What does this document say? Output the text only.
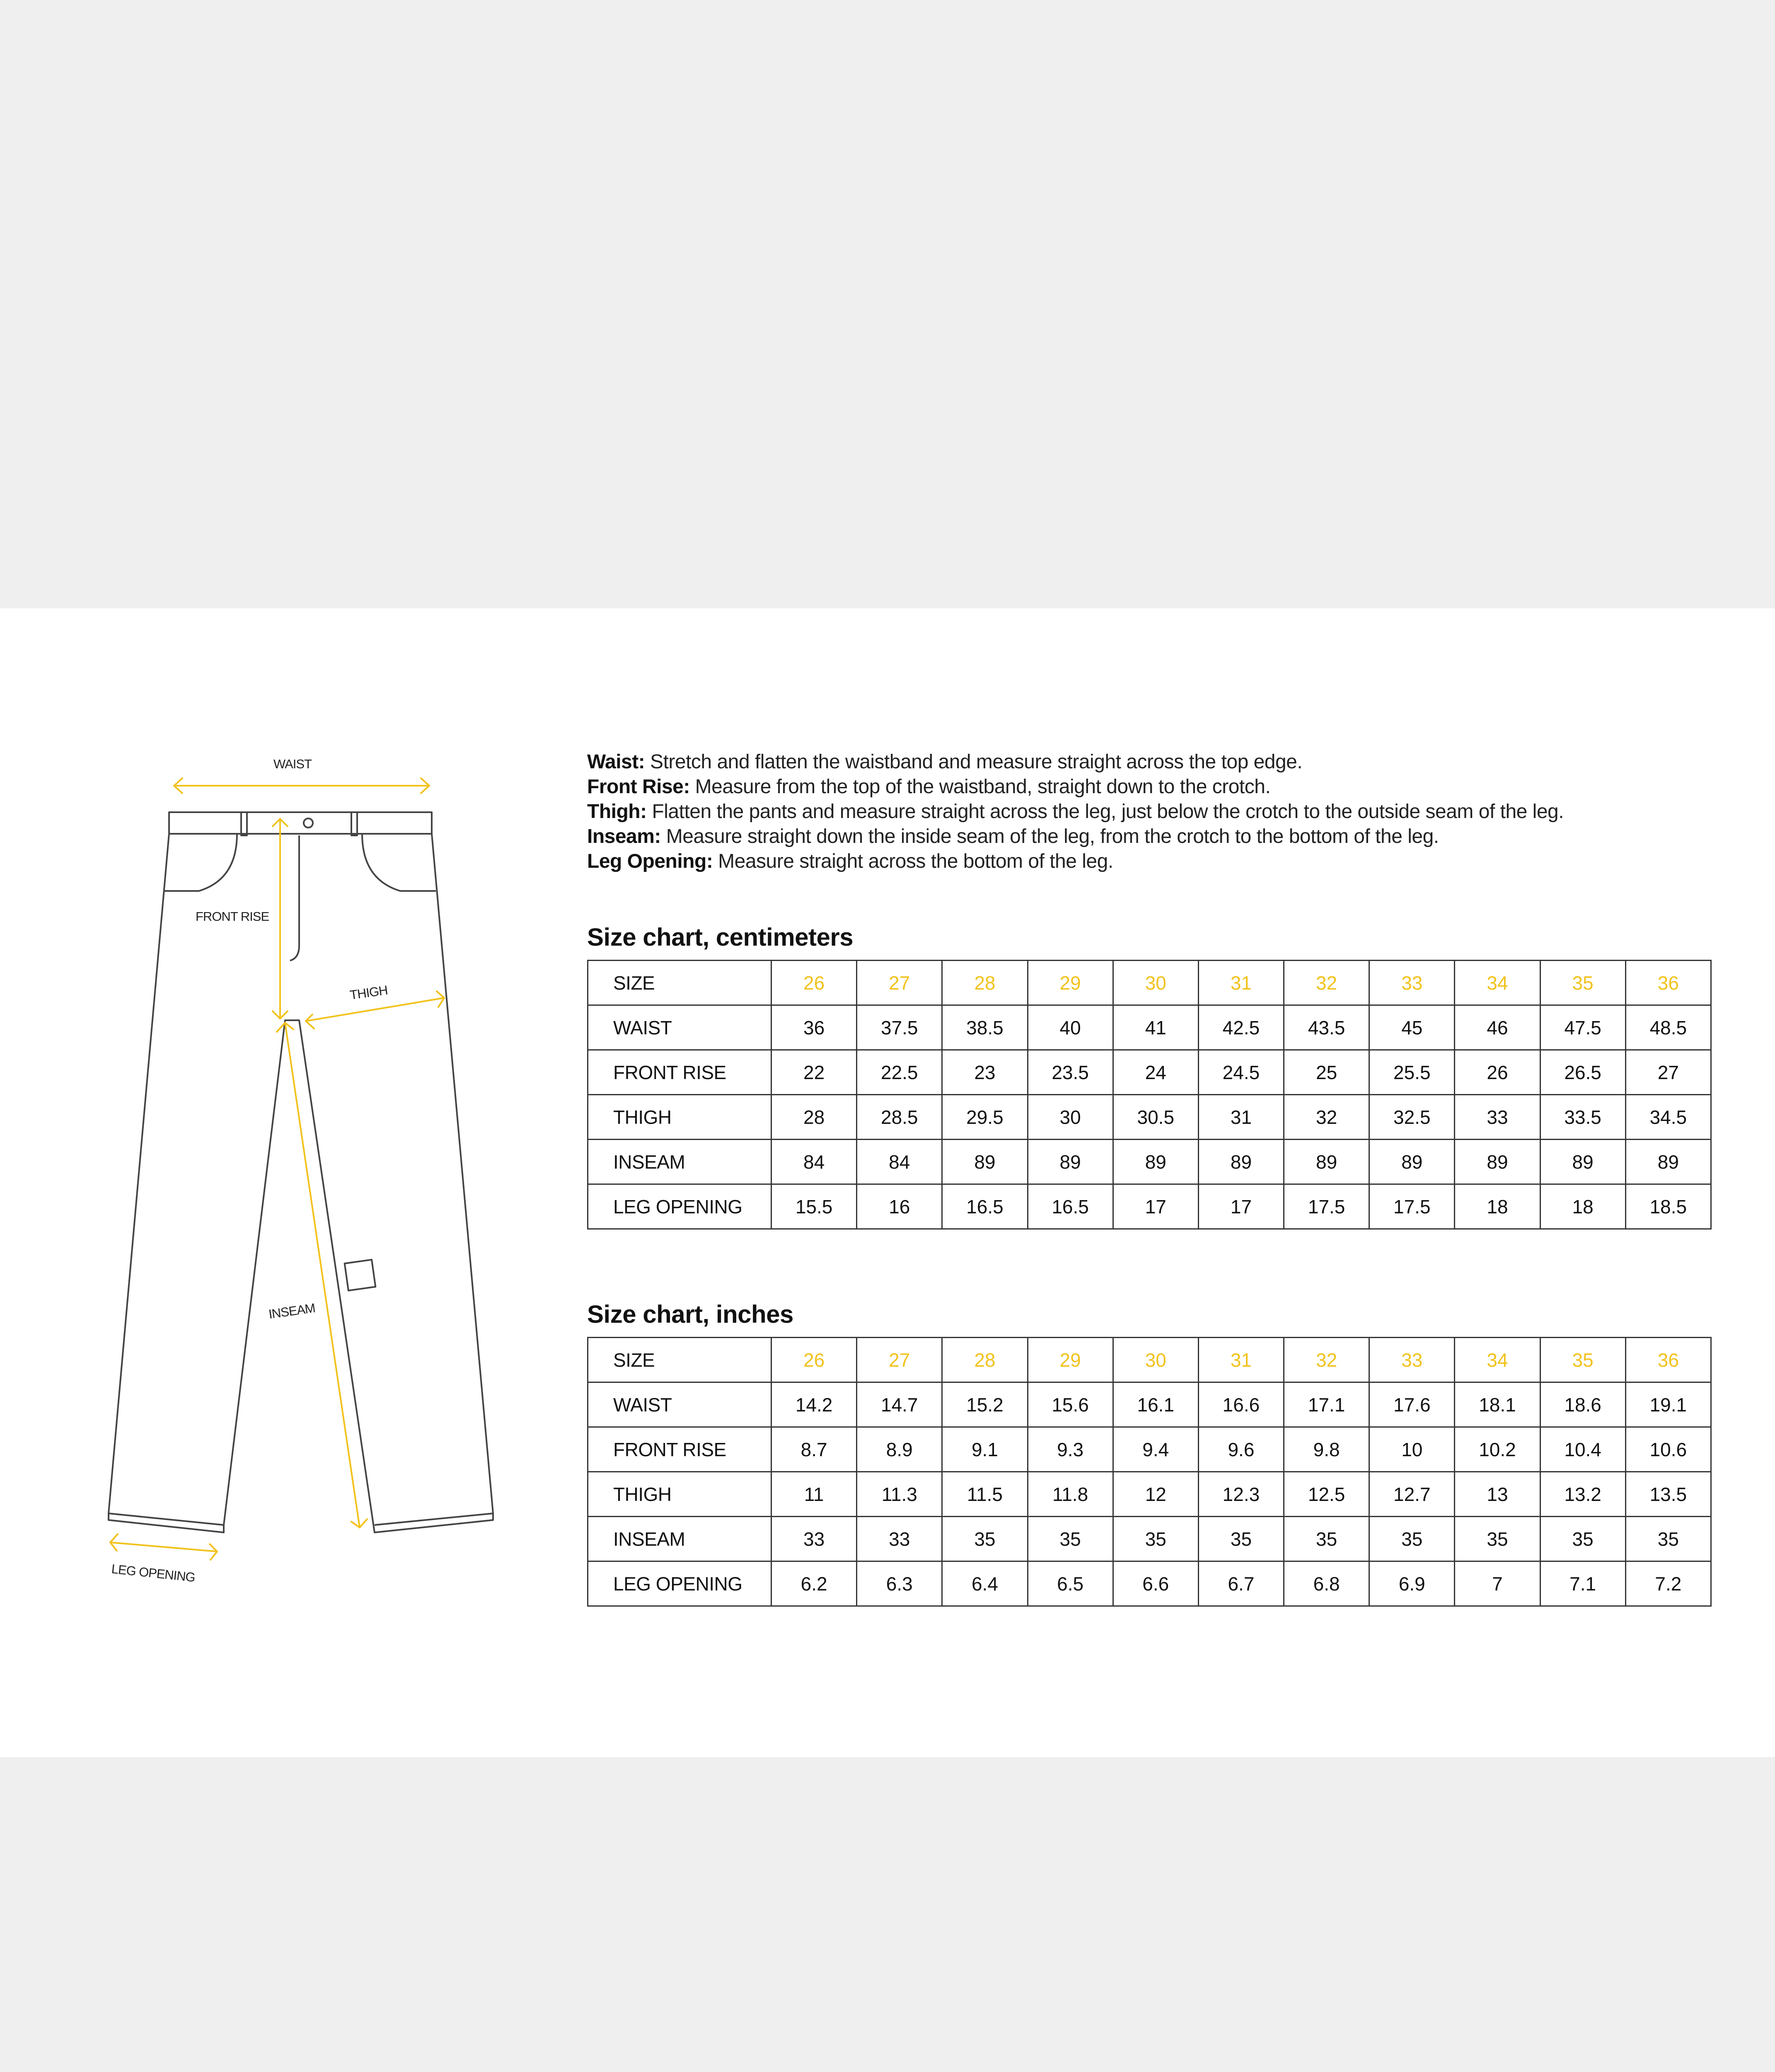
WAIST
FRONT RISE
THIGH
INSEAM
LEG OPENING
Waist: Stretch and flatten the waistband and measure straight across the top edge.
Front Rise: Measure from the top of the waistband, straight down to the crotch.
Thigh: Flatten the pants and measure straight across the leg, just below the crotch to the outside seam of the leg.
Inseam: Measure straight down the inside seam of the leg, from the crotch to the bottom of the leg.
Leg Opening: Measure straight across the bottom of the leg.
Size chart, centimeters
SIZE	26	27	28	29	30	31	32	33	34	35	36
WAIST	36	37.5	38.5	40	41	42.5	43.5	45	46	47.5	48.5
FRONT RISE	22	22.5	23	23.5	24	24.5	25	25.5	26	26.5	27
THIGH	28	28.5	29.5	30	30.5	31	32	32.5	33	33.5	34.5
INSEAM	84	84	89	89	89	89	89	89	89	89	89
LEG OPENING	15.5	16	16.5	16.5	17	17	17.5	17.5	18	18	18.5
Size chart, inches
SIZE	26	27	28	29	30	31	32	33	34	35	36
WAIST	14.2	14.7	15.2	15.6	16.1	16.6	17.1	17.6	18.1	18.6	19.1
FRONT RISE	8.7	8.9	9.1	9.3	9.4	9.6	9.8	10	10.2	10.4	10.6
THIGH	11	11.3	11.5	11.8	12	12.3	12.5	12.7	13	13.2	13.5
INSEAM	33	33	35	35	35	35	35	35	35	35	35
LEG OPENING	6.2	6.3	6.4	6.5	6.6	6.7	6.8	6.9	7	7.1	7.2
